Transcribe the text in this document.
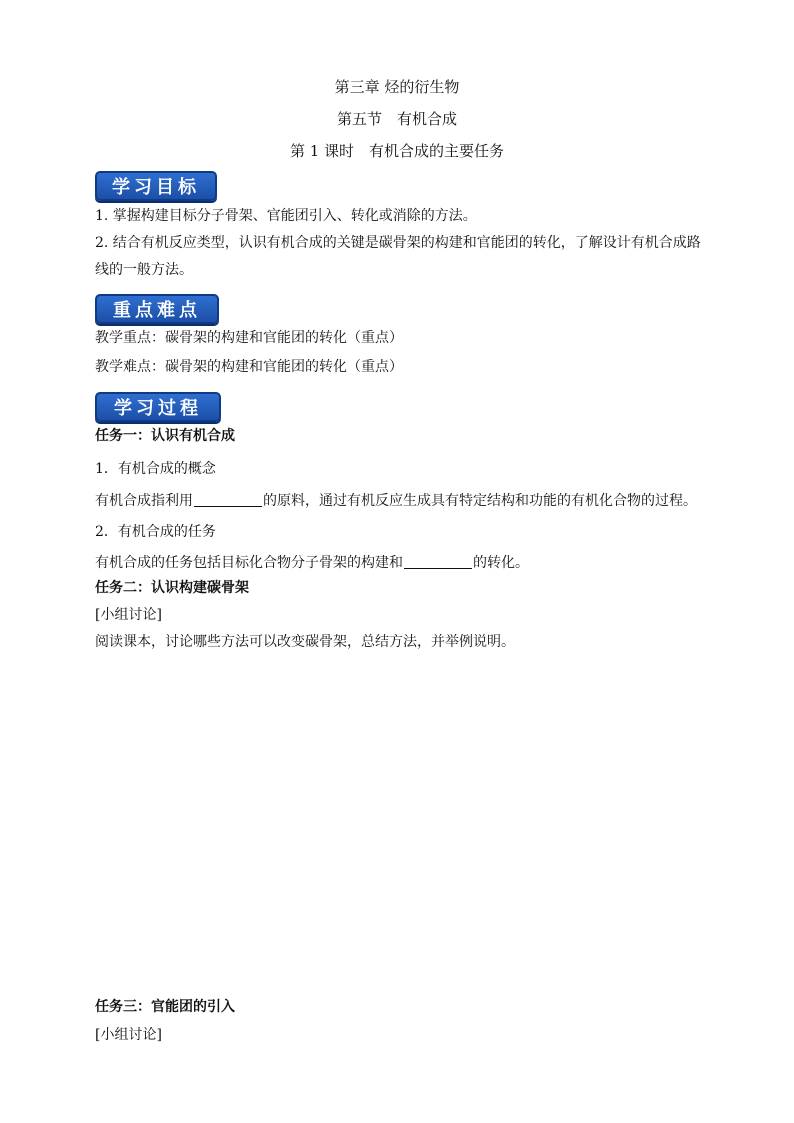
第三章 烃的衍生物
第五节　有机合成
第 1 课时　有机合成的主要任务
学习目标
1. 掌握构建目标分子骨架、官能团引入、转化或消除的方法。
2. 结合有机反应类型，认识有机合成的关键是碳骨架的构建和官能团的转化，了解设计有机合成路线的一般方法。
重点难点
教学重点：碳骨架的构建和官能团的转化（重点）
教学难点：碳骨架的构建和官能团的转化（重点）
学习过程
任务一：认识有机合成
1．有机合成的概念
有机合成指利用	的原料，通过有机反应生成具有特定结构和功能的有机化合物的过程。
2．有机合成的任务
有机合成的任务包括目标化合物分子骨架的构建和	的转化。
任务二：认识构建碳骨架
[小组讨论]
阅读课本，讨论哪些方法可以改变碳骨架，总结方法，并举例说明。
任务三：官能团的引入
[小组讨论]
